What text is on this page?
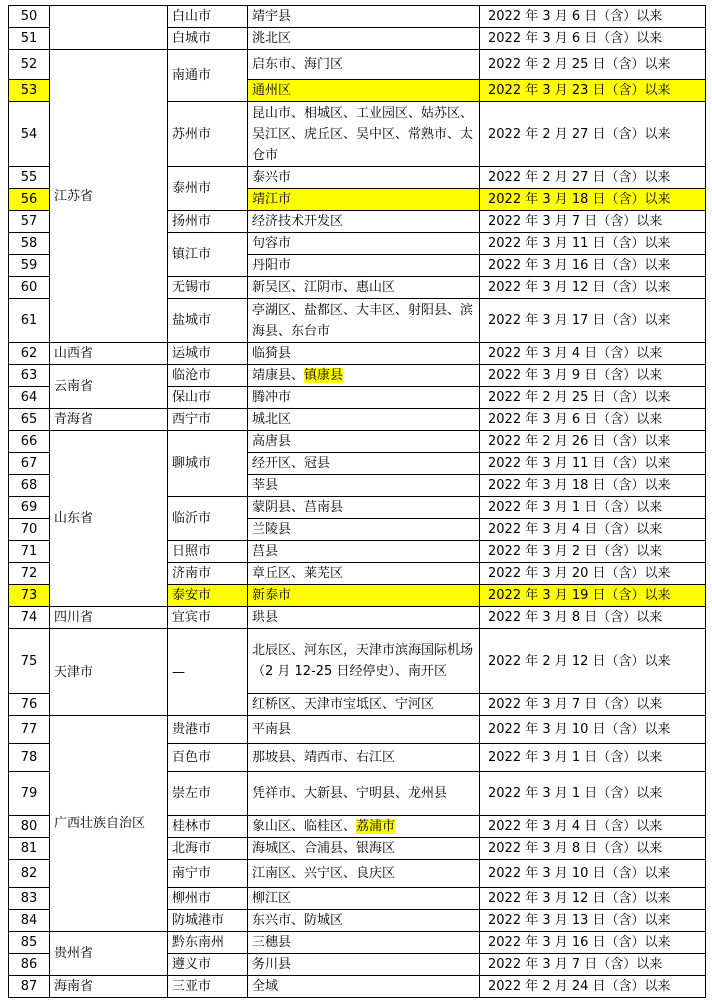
50		白山市	靖宇县	2022 年 3 月 6 日（含）以来
51		白城市	洮北区	2022 年 3 月 6 日（含）以来
52	江苏省	南通市	启东市、海门区	2022 年 2 月 25 日（含）以来
53			通州区	2022 年 3 月 23 日（含）以来
54		苏州市	昆山市、相城区、工业园区、姑苏区、吴江区、虎丘区、吴中区、常熟市、太仓市	2022 年 2 月 27 日（含）以来
55		泰州市	泰兴市	2022 年 2 月 27 日（含）以来
56			靖江市	2022 年 3 月 18 日（含）以来
57		扬州市	经济技术开发区	2022 年 3 月 7 日（含）以来
58		镇江市	句容市	2022 年 3 月 11 日（含）以来
59			丹阳市	2022 年 3 月 16 日（含）以来
60		无锡市	新吴区、江阴市、惠山区	2022 年 3 月 12 日（含）以来
61		盐城市	亭湖区、盐都区、大丰区、射阳县、滨海县、东台市	2022 年 3 月 17 日（含）以来
62	山西省	运城市	临猗县	2022 年 3 月 4 日（含）以来
63	云南省	临沧市	靖康县、镇康县	2022 年 3 月 9 日（含）以来
64		保山市	腾冲市	2022 年 2 月 25 日（含）以来
65	青海省	西宁市	城北区	2022 年 3 月 6 日（含）以来
66	山东省	聊城市	高唐县	2022 年 2 月 26 日（含）以来
67			经开区、冠县	2022 年 3 月 11 日（含）以来
68			莘县	2022 年 3 月 18 日（含）以来
69		临沂市	蒙阴县、莒南县	2022 年 3 月 1 日（含）以来
70			兰陵县	2022 年 3 月 4 日（含）以来
71		日照市	莒县	2022 年 3 月 2 日（含）以来
72		济南市	章丘区、莱芜区	2022 年 3 月 20 日（含）以来
73		泰安市	新泰市	2022 年 3 月 19 日（含）以来
74	四川省	宜宾市	珙县	2022 年 3 月 8 日（含）以来
75	天津市	—	北辰区、河东区，天津市滨海国际机场（2 月 12-25 日经停史）、南开区	2022 年 2 月 12 日（含）以来
76			红桥区、天津市宝坻区、宁河区	2022 年 3 月 7 日（含）以来
77	广西壮族自治区	贵港市	平南县	2022 年 3 月 10 日（含）以来
78		百色市	那坡县、靖西市、右江区	2022 年 3 月 1 日（含）以来
79		崇左市	凭祥市、大新县、宁明县、龙州县	2022 年 3 月 1 日（含）以来
80		桂林市	象山区、临桂区、荔浦市	2022 年 3 月 4 日（含）以来
81		北海市	海城区、合浦县、银海区	2022 年 3 月 8 日（含）以来
82		南宁市	江南区、兴宁区、良庆区	2022 年 3 月 10 日（含）以来
83		柳州市	柳江区	2022 年 3 月 12 日（含）以来
84		防城港市	东兴市、防城区	2022 年 3 月 13 日（含）以来
85	贵州省	黔东南州	三穗县	2022 年 3 月 16 日（含）以来
86		遵义市	务川县	2022 年 3 月 7 日（含）以来
87	海南省	三亚市	全域	2022 年 2 月 24 日（含）以来
